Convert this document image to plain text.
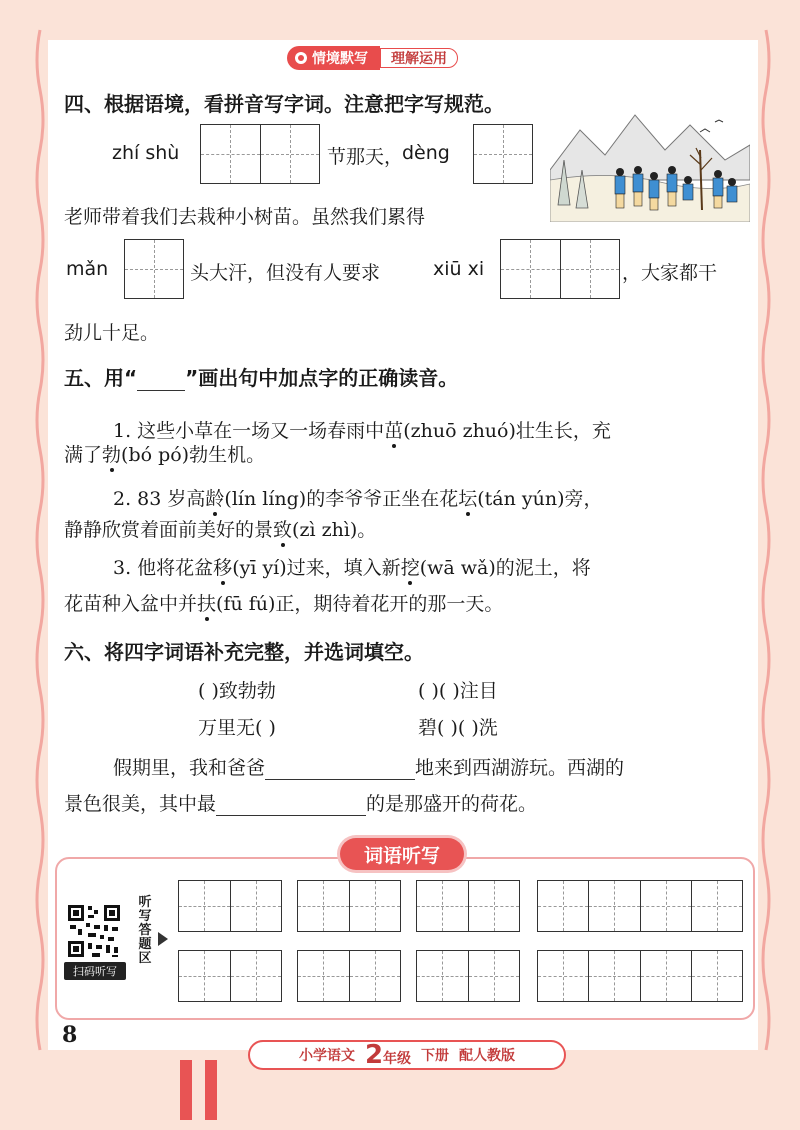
情境默写	理解运用
四、根据语境，看拼音写字词。注意把字写规范。
zhí shù	节那天，
dèng
老师带着我们去栽种小树苗。虽然我们累得
mǎn	头大汗，但没有人要求	xiū xi	，大家都干
劲儿十足。
五、用“ ”画出句中加点字的正确读音。
1. 这些小草在一场又一场春雨中茁(zhuō zhuó)壮生长，充
满了勃(bó pó)勃生机。
2. 83 岁高龄(lín líng)的李爷爷正坐在花坛(tán yún)旁，
静静欣赏着面前美好的景致(zì zhì)。
3. 他将花盆移(yī yí)过来，填入新挖(wā wǎ)的泥土，将
花苗种入盆中并扶(fū fú)正，期待着花开的那一天。
六、将四字词语补充完整，并选词填空。
( )致勃勃	( )( )注目
万里无( )	碧( )( )洗
假期里，我和爸爸	地来到西湖游玩。西湖的
景色很美，其中最	的是那盛开的荷花。
词语听写
扫码听写
听
写
答
题
区
8
小学语文 2年级 下册 配人教版
